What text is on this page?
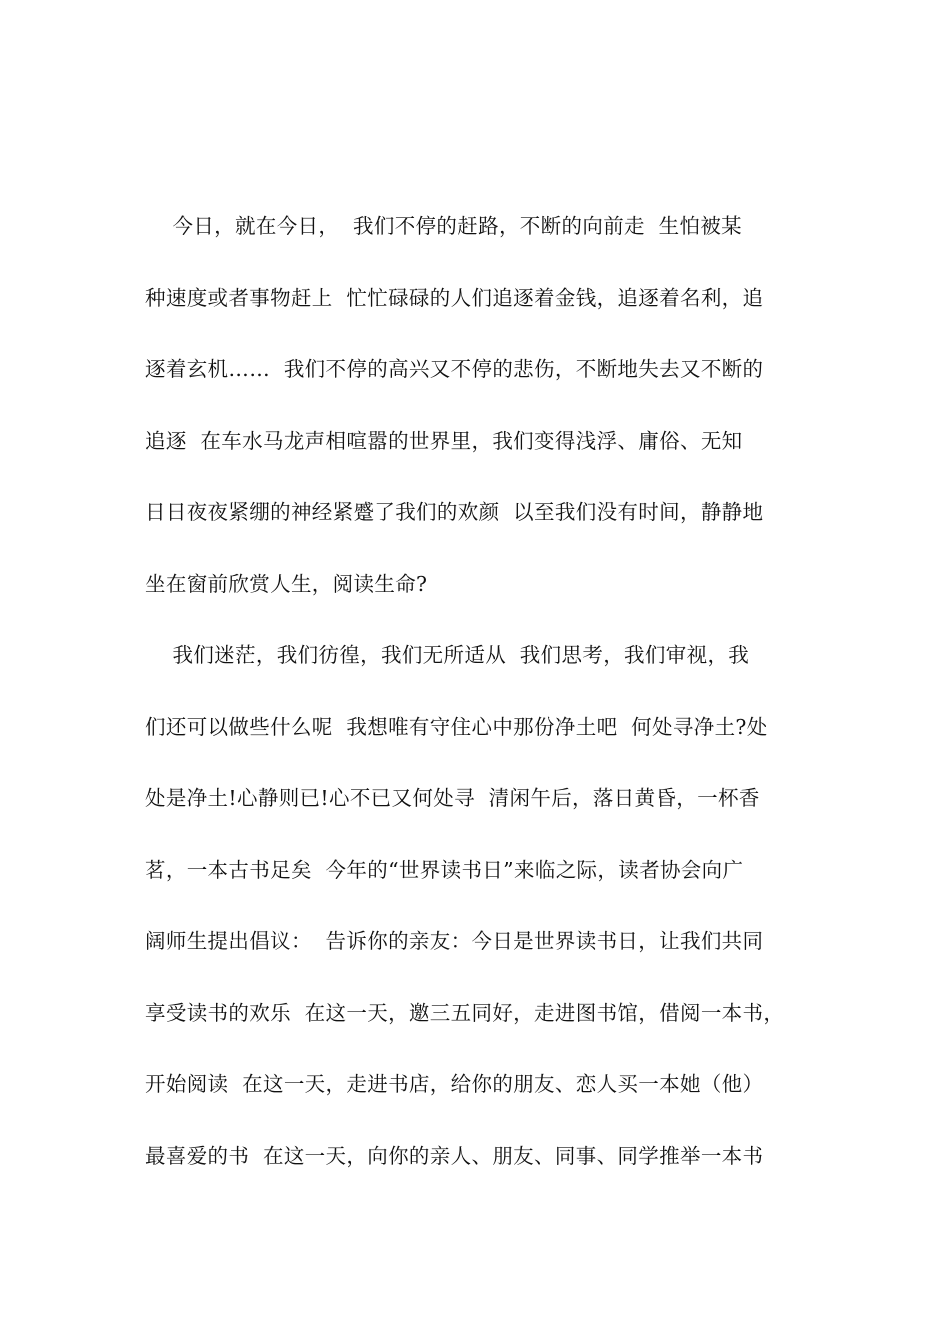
今日，就在今日，  我们不停的赶路，不断的向前走  生怕被某
种速度或者事物赶上  忙忙碌碌的人们追逐着金钱，追逐着名利，追
逐着玄机……  我们不停的高兴又不停的悲伤，不断地失去又不断的
追逐  在车水马龙声相喧嚣的世界里，我们变得浅浮、庸俗、无知
日日夜夜紧绷的神经紧蹙了我们的欢颜  以至我们没有时间，静静地
坐在窗前欣赏人生，阅读生命?
我们迷茫，我们彷徨，我们无所适从  我们思考，我们审视，我
们还可以做些什么呢  我想唯有守住心中那份净土吧  何处寻净土?处
处是净土!心静则已!心不已又何处寻  清闲午后，落日黄昏，一杯香
茗，一本古书足矣  今年的“世界读书日”来临之际，读者协会向广
阔师生提出倡议：  告诉你的亲友：今日是世界读书日，让我们共同
享受读书的欢乐  在这一天，邀三五同好，走进图书馆，借阅一本书，
开始阅读  在这一天，走进书店，给你的朋友、恋人买一本她（他）
最喜爱的书  在这一天，向你的亲人、朋友、同事、同学推举一本书
